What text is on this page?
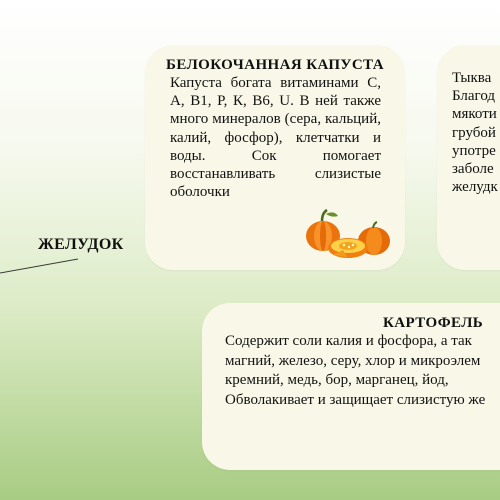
ЖЕЛУДОК
БЕЛОКОЧАННАЯ КАПУСТА
Капуста богата витаминами С, А, В1, Р, К, В6, U. В ней также много минералов (сера, кальций, калий, фосфор), клетчатки и воды. Сок помогает восстанавливать слизистые оболочки
Тыква
Благод
мякоти
грубой
употре
заболе
желудк
КАРТОФЕЛЬ
Содержит соли калия и фосфора, а так
магний, железо, серу, хлор и микроэлем
кремний, медь, бор, марганец, йод,
Обволакивает и защищает слизистую же
